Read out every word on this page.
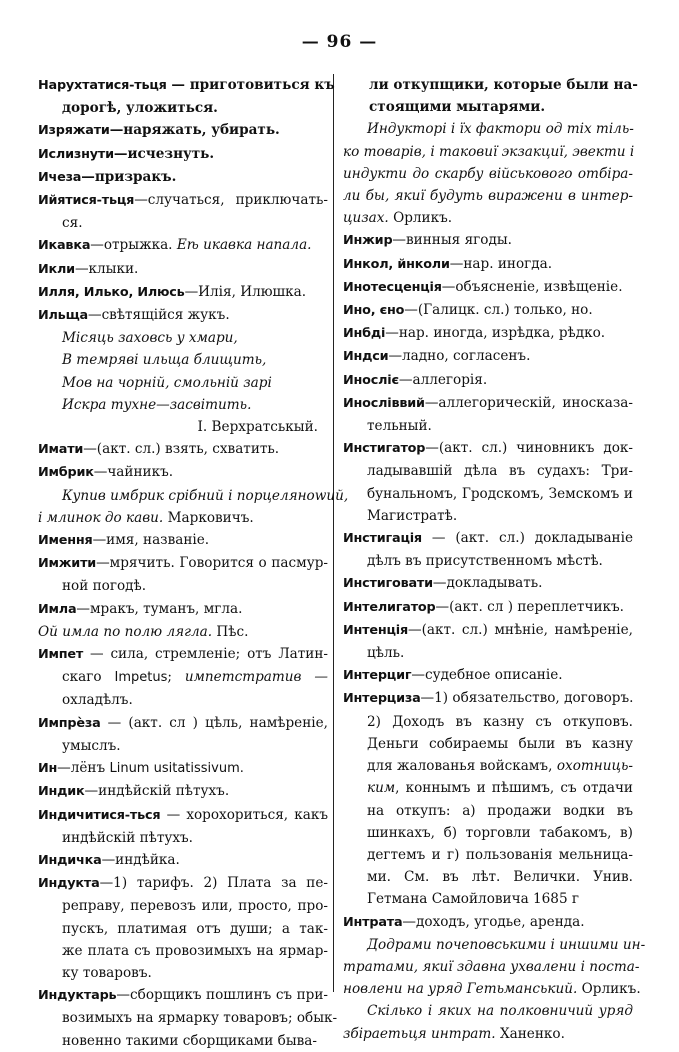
— 96 —
Нарухтатися-тьця — приготовиться къ
дорогѣ, уложиться.
Изряжати—наряжать, убирать.
Ислизнути—исчезнуть.
Ичеза—призракъ.
Ийятися-тьця—случаться, приключать-
ся.
Икавка—отрыжка. Еѣ икавка напала.
Икли—клыки.
Илля, Илько, Илюсь—Илія, Илюшка.
Ильща—свѣтящійся жукъ.
Місяць заховсь у хмари,
В темряві ильща блищить,
Мов на чорній, смольній зарі
Искра тухне—засвітить.
I. Верхратськый.
Имати—(акт. сл.) взять, схватить.
Имбрик—чайникъ.
Купив имбрик срібний і порцелянowий,
і млинок до кави. Марковичъ.
Имення—имя, названіе.
Имжити—мрячить. Говорится о пасмур-
ной погодѣ.
Имла—мракъ, туманъ, мгла.
Ой имла по полю ляглa. Пѣс.
Импет — сила, стремленіе; отъ Латин-
скаго Impetus; импетстратив —
охладѣлъ.
Импрѐза — (акт. сл ) цѣль, намѣреніе,
умыслъ.
Ин—лёнъ Linum usitatissivum.
Индик—индѣйскій пѣтухъ.
Индичитися-ться — хорохориться, какъ
индѣйскій пѣтухъ.
Индичка—индѣйка.
Индукта—1) тарифъ. 2) Плата за пе-
реправу, перевозъ или, просто, про-
пускъ, платимая отъ души; а так-
же плата съ провозимыхъ на ярмар-
ку товаровъ.
Индуктарь—сборщикъ пошлинъ съ при-
возимыхъ на ярмарку товаровъ; обык-
новенно такими сборщиками быва-
ли откупщики, которые были на-
стоящими мытарями.
Индукторі і їх фактори од тіх тіль-
ко товарів, і таковиї экзакциї, эвекти і
индукти до скарбу військового отбіра-
ли бы, якиї будуть виражени в интер-
цизах. Орликъ.
Инжир—винныя ягоды.
Инкол, йнколи—нар. иногда.
Инотесценція—объясненіе, извѣщеніе.
Ино, єно—(Галицк. сл.) только, но.
Инбді—нар. иногда, изрѣдка, рѣдко.
Индси—ладно, согласенъ.
Иносліє—аллегорія.
Иносліввий—аллегорическій, иносказа-
тельный.
Инстигатор—(акт. сл.) чиновникъ док-
ладывавшій дѣла въ судахъ: Три-
бунальномъ, Гродскомъ, Земскомъ и
Магистратѣ.
Инстигація — (акт. сл.) докладываніе
дѣлъ въ присутственномъ мѣстѣ.
Инстиговати—докладывать.
Интелигатор—(акт. сл ) переплетчикъ.
Интенція—(акт. сл.) мнѣніе, намѣреніе,
цѣль.
Интерциг—судебное описаніе.
Интерциза—1) обязательство, договоръ.
2) Доходъ въ казну съ откуповъ.
Деньги собираемы были въ казну
для жалованья войскамъ, охотниць-
ким, коннымъ и пѣшимъ, съ отдачи
на откупъ: а) продажи водки въ
шинкахъ, б) торговли табакомъ, в)
дегтемъ и г) пользованія мельница-
ми. См. въ лѣт. Велички. Унив.
Гетмана Самойловича 1685 г
Интрата—доходъ, угодье, аренда.
Додрами почеповськими і иншими ин-
тратами, якиї здавна ухвалени і поста-
новлени на уряд Гетьманський. Орликъ.
Скілько і яких на полковничий уряд
збіраетьця интрат. Ханенко.
